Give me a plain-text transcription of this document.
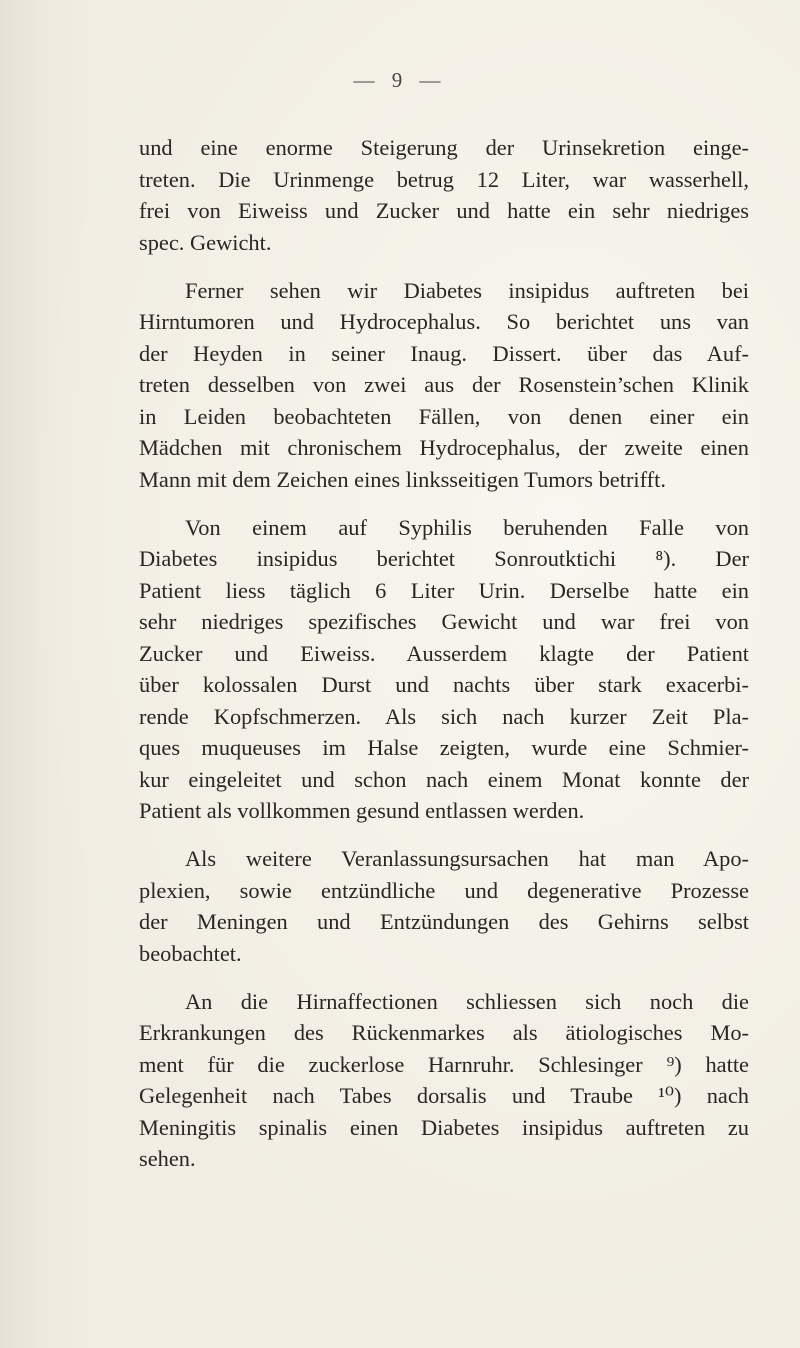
— 9 —

und eine enorme Steigerung der Urinsekretion einge-
treten. Die Urinmenge betrug 12 Liter, war wasserhell,
frei von Eiweiss und Zucker und hatte ein sehr niedriges
spec. Gewicht.

Ferner sehen wir Diabetes insipidus auftreten bei
Hirntumoren und Hydrocephalus. So berichtet uns van
der Heyden in seiner Inaug. Dissert. über das Auf-
treten desselben von zwei aus der Rosenstein’schen Klinik
in Leiden beobachteten Fällen, von denen einer ein
Mädchen mit chronischem Hydrocephalus, der zweite einen
Mann mit dem Zeichen eines linksseitigen Tumors betrifft.

Von einem auf Syphilis beruhenden Falle von
Diabetes insipidus berichtet Sonroutktichi ⁸). Der
Patient liess täglich 6 Liter Urin. Derselbe hatte ein
sehr niedriges spezifisches Gewicht und war frei von
Zucker und Eiweiss. Ausserdem klagte der Patient
über kolossalen Durst und nachts über stark exacerbi-
rende Kopfschmerzen. Als sich nach kurzer Zeit Pla-
ques muqueuses im Halse zeigten, wurde eine Schmier-
kur eingeleitet und schon nach einem Monat konnte der
Patient als vollkommen gesund entlassen werden.

Als weitere Veranlassungsursachen hat man Apo-
plexien, sowie entzündliche und degenerative Prozesse
der Meningen und Entzündungen des Gehirns selbst
beobachtet.

An die Hirnaffectionen schliessen sich noch die
Erkrankungen des Rückenmarkes als ätiologisches Mo-
ment für die zuckerlose Harnruhr. Schlesinger ⁹) hatte
Gelegenheit nach Tabes dorsalis und Traube ¹⁰) nach
Meningitis spinalis einen Diabetes insipidus auftreten zu
sehen.
